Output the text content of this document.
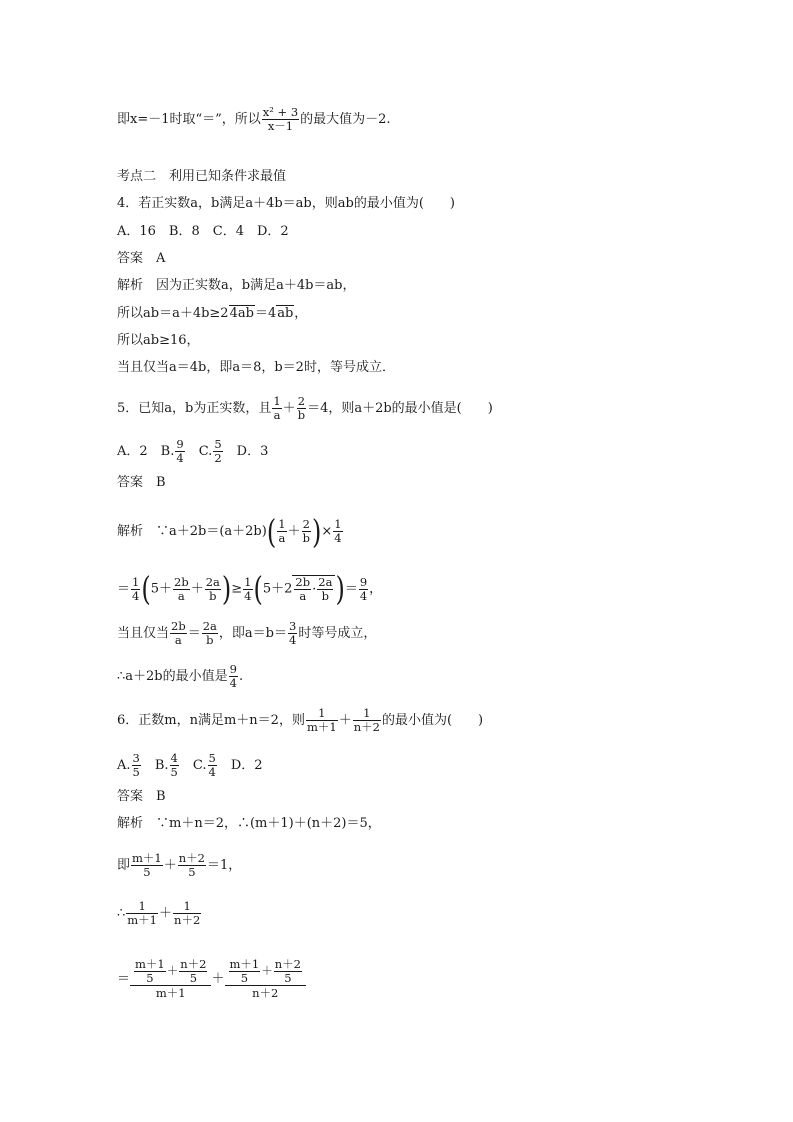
即x=－1时取“＝”，所以 $\frac{\text{x² + 3}}{x-1}$ 的最大值为－2.
考点二　利用已知条件求最值
4．若正实数a，b满足a＋4b＝ab，则ab的最小值为(　　)
A．16　B．8　C．4　D．2
答案　A
解析　因为正实数a，b满足a＋4b＝ab，
所以ab＝a＋4b≥24ab＝4ab，
所以ab≥16，
当且仅当a＝4b，即a＝8，b＝2时，等号成立．
5．已知a，b为正实数，且 $\frac{1}{a} + \frac{2}{b} =4$，则a＋2b的最小值是(　　)
A．2　B. $\frac{9}{4}$ 　C. $\frac{5}{2}$ 　D．3
答案　B
解析　∵a＋2b＝(a＋2b)( $\frac{1}{a} + \frac{2}{b}$ )× $\frac{1}{4}$
＝ $\frac{1}{4} (5+ \frac{2b}{a} + \frac{2a}{b}$ )≥ $\frac{1}{4} (5+2 \frac{2b}{a} \cdot \frac{2a}{b}$ )＝ $\frac{9}{4}$ ，
当且仅当 $\frac{2b}{a} = \frac{2a}{b}$ ，即$a=b= \frac{3}{4}$ 时等号成立，
∴a＋2b的最小值是 $\frac{9}{4}$ .
6．正数m，n满足m＋n＝2，则 $\frac{1}{m+1} + \frac{1}{n+2}$ 的最小值为(　　)
A. $\frac{3}{5}$ 　B. $\frac{4}{5}$ 　C. $\frac{5}{4}$ 　D．2
答案　B
解析　∵m＋n＝2，∴(m＋1)＋(n＋2)＝5，
即 $\frac{m+1}{5} + \frac{n+2}{5} =1$，
∴ $\frac{1}{m+1} + \frac{1}{n+2}$
＝ $\frac{\frac{m+1}{5} + \frac{n+2}{5}}{m+1} + \frac{\frac{m+1}{5} + \frac{n+2}{5}}{n+2}$
